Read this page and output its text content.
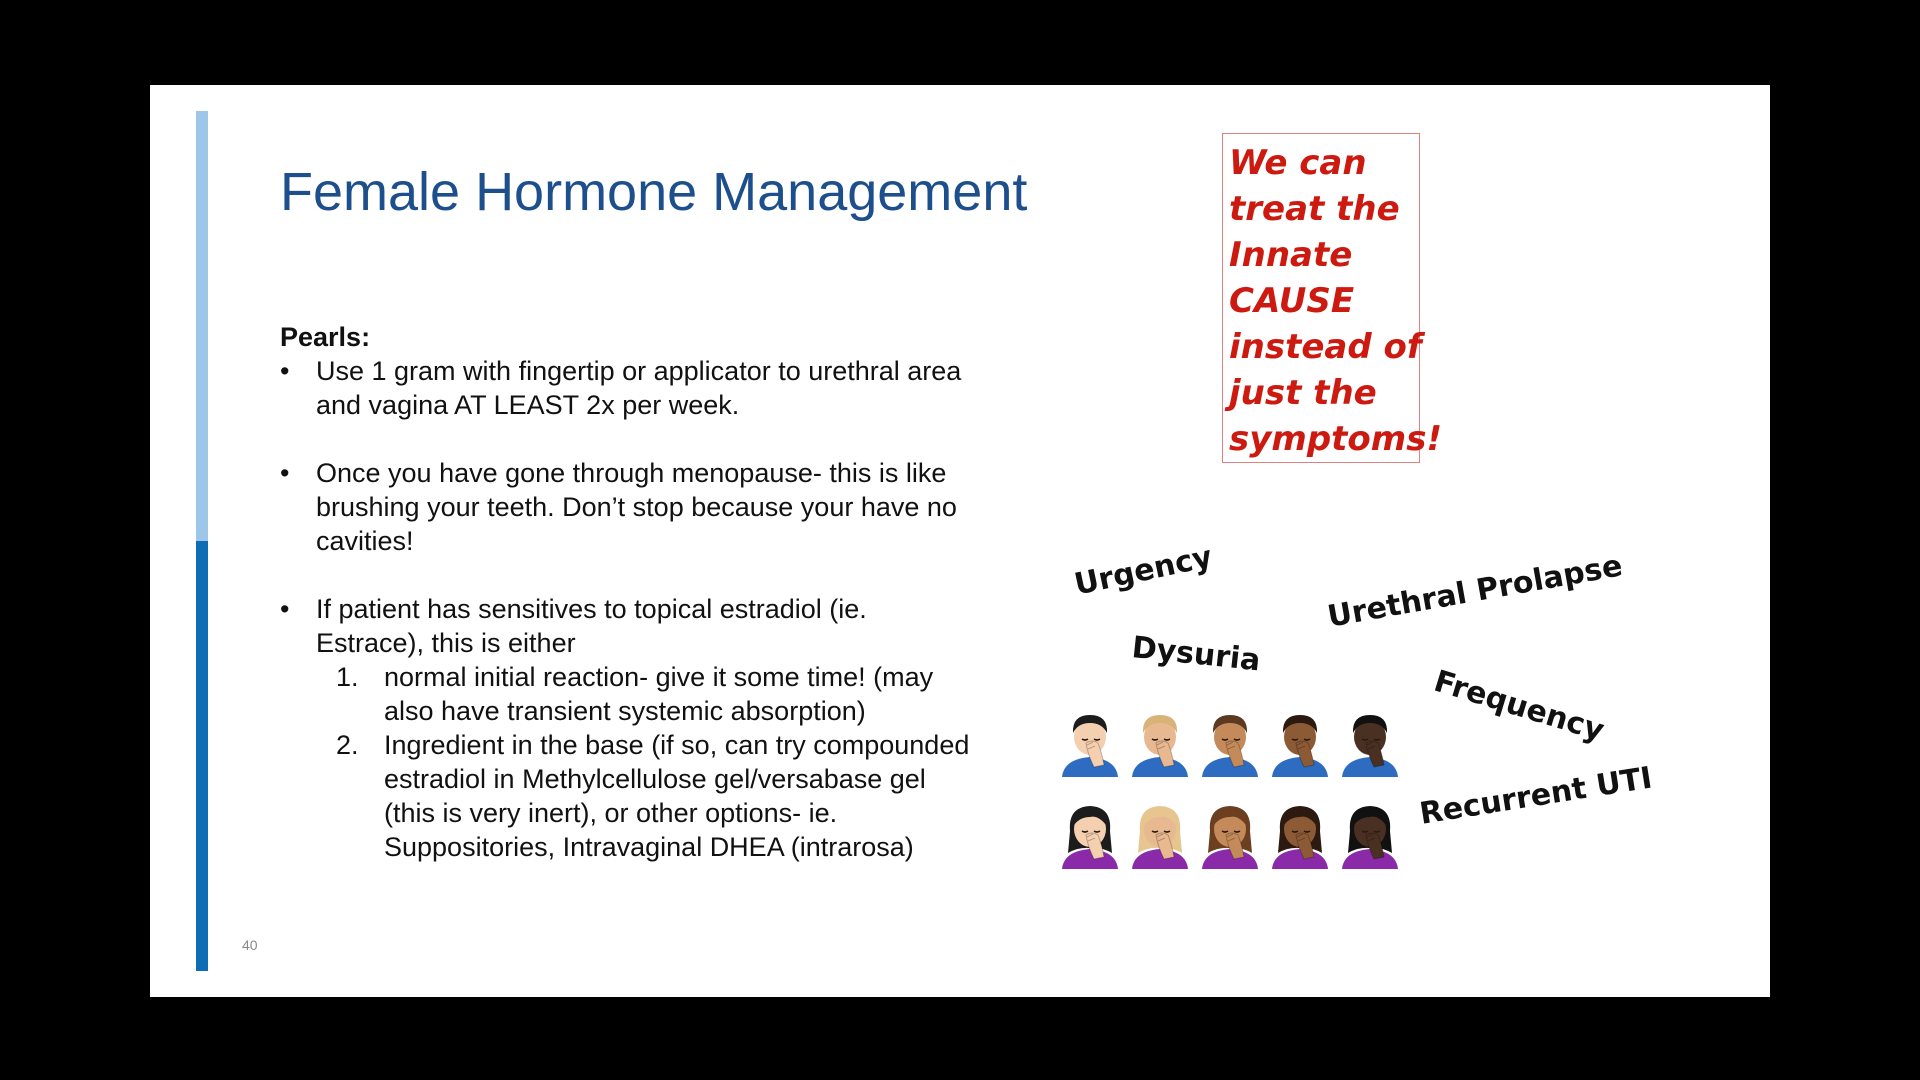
Female Hormone Management
Pearls:
• Use 1 gram with fingertip or applicator to urethral area
and vagina AT LEAST 2x per week.
• Once you have gone through menopause- this is like
brushing your teeth. Don’t stop because your have no
cavities!
• If patient has sensitives to topical estradiol (ie.
Estrace), this is either
1. normal initial reaction- give it some time! (may
also have transient systemic absorption)
2. Ingredient in the base (if so, can try compounded
estradiol in Methylcellulose gel/versabase gel
(this is very inert), or other options- ie.
Suppositories, Intravaginal DHEA (intrarosa)
We can
treat the
Innate
CAUSE
instead of
just the
symptoms!
Urgency
Dysuria
Urethral Prolapse
Frequency
Recurrent UTI
40
